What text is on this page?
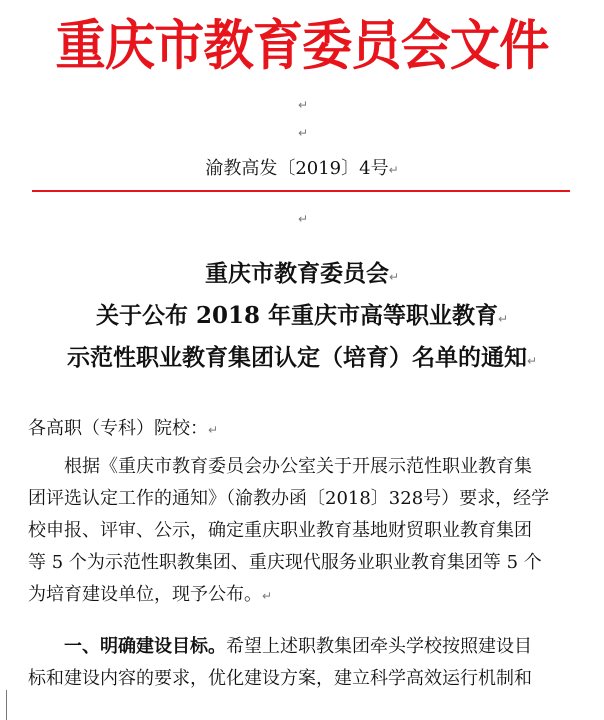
重庆市教育委员会文件
↵
↵
渝教高发〔2019〕4号↵
↵
重庆市教育委员会↵
关于公布 2018 年重庆市高等职业教育↵
示范性职业教育集团认定（培育）名单的通知↵
各高职（专科）院校：↵
根据《重庆市教育委员会办公室关于开展示范性职业教育集
团评选认定工作的通知》（渝教办函〔2018〕328号）要求，经学
校申报、评审、公示，确定重庆职业教育基地财贸职业教育集团
等 5 个为示范性职教集团、重庆现代服务业职业教育集团等 5 个
为培育建设单位，现予公布。↵
一、明确建设目标。希望上述职教集团牵头学校按照建设目
标和建设内容的要求，优化建设方案，建立科学高效运行机制和
